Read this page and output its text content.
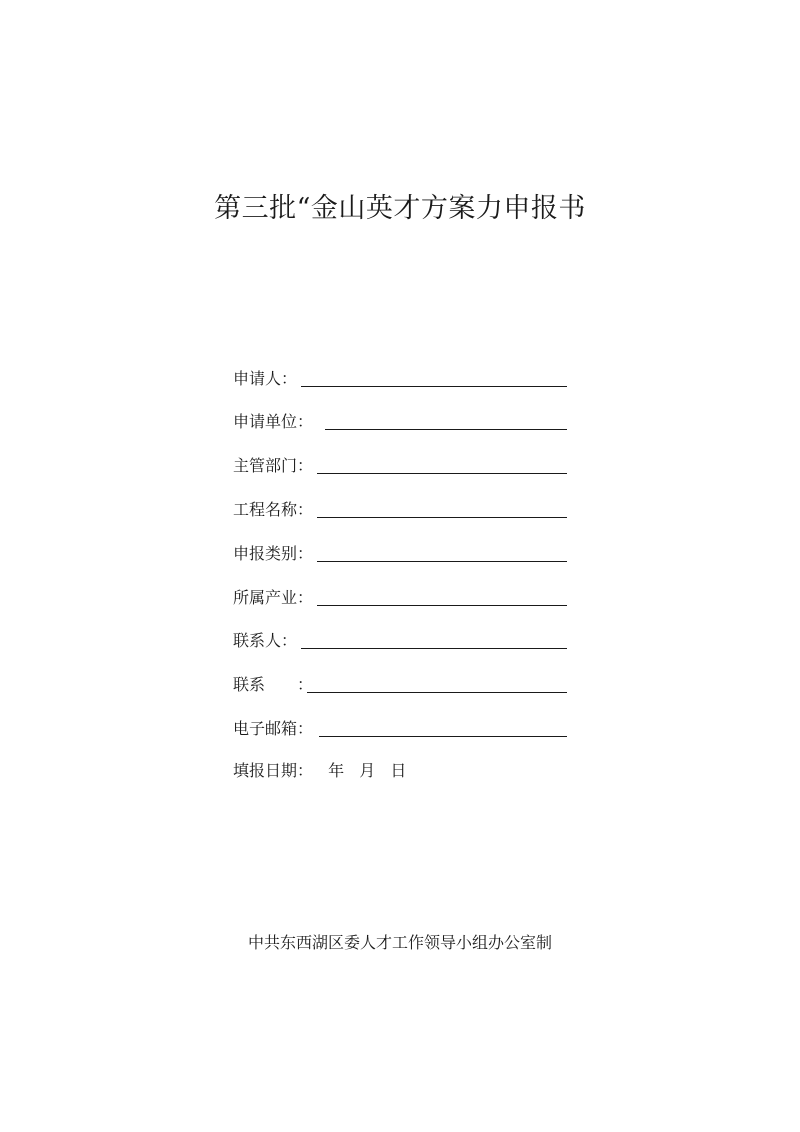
第三批“金山英才方案力申报书
申请人：
申请单位：
主管部门：
工程名称：
申报类别：
所属产业：
联系人：
联系　　：
电子邮箱：
填报日期： 年 月 日
中共东西湖区委人才工作领导小组办公室制
